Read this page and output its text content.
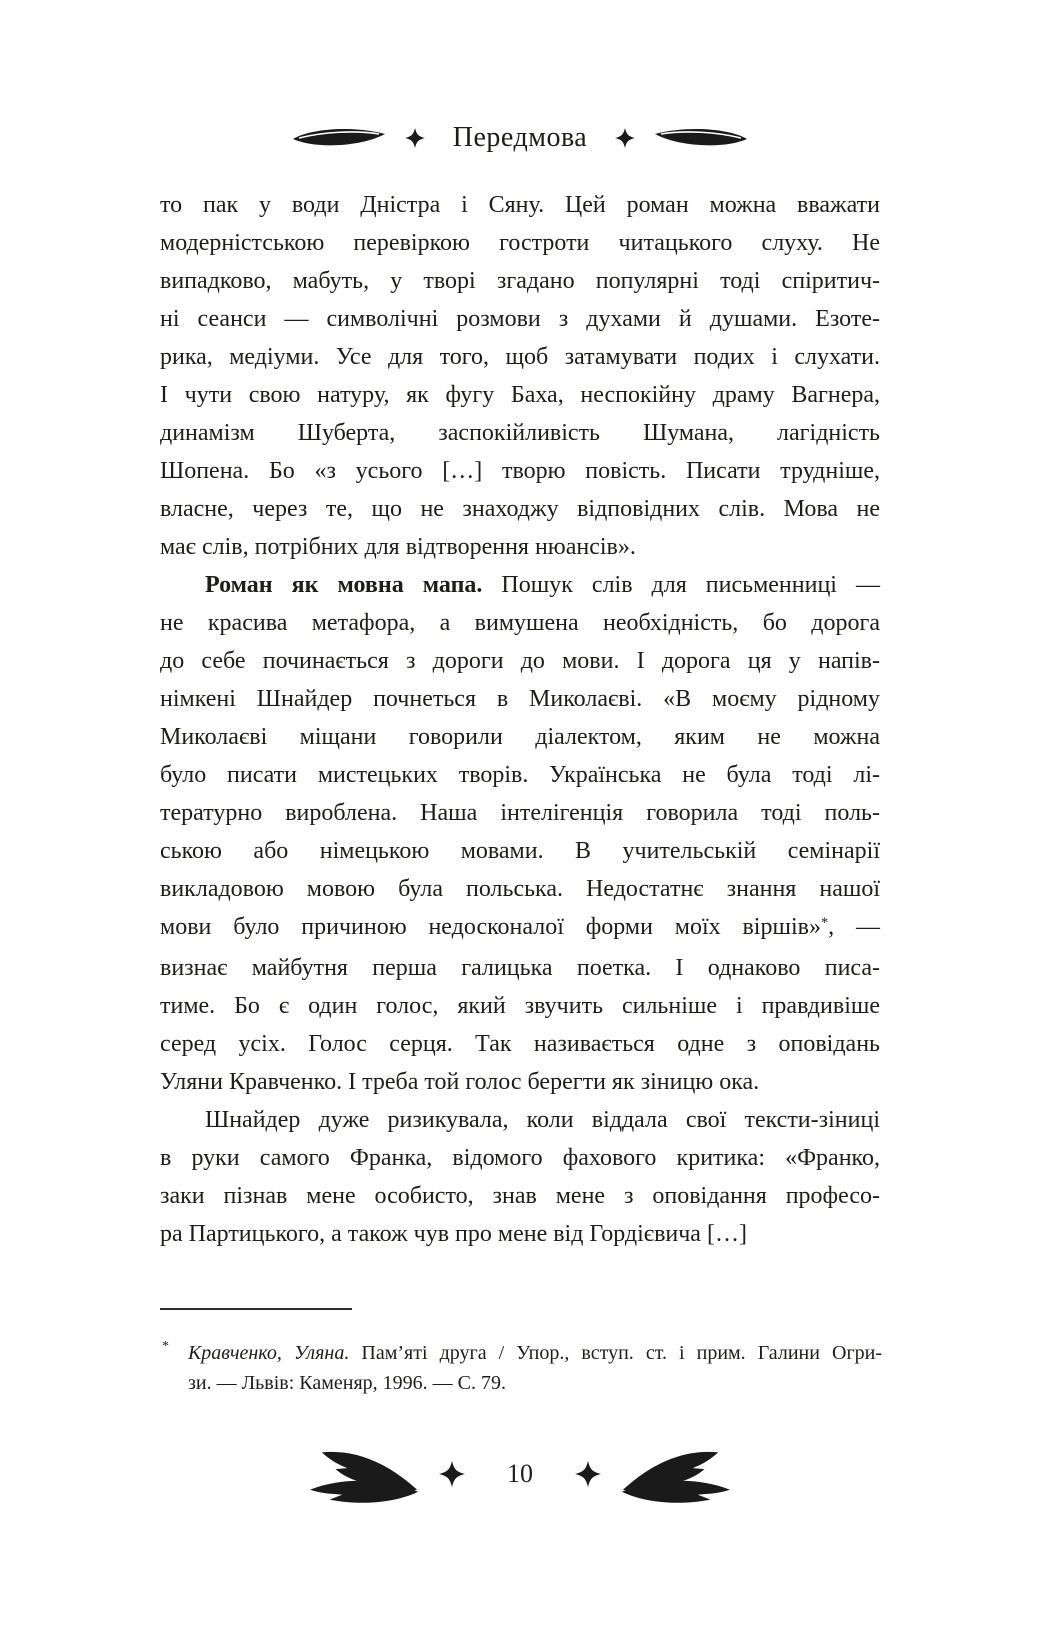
Передмова
то пак у води Дністра і Сяну. Цей роман можна вважати
модерністською перевіркою гостроти читацького слуху. Не
випадково, мабуть, у творі згадано популярні тоді спіритич-
ні сеанси — символічні розмови з духами й душами. Езоте-
рика, медіуми. Усе для того, щоб затамувати подих і слухати.
І чути свою натуру, як фугу Баха, неспокійну драму Вагнера,
динамізм Шуберта, заспокійливість Шумана, лагідність
Шопена. Бо «з усього […] творю повість. Писати трудніше,
власне, через те, що не знаходжу відповідних слів. Мова не
має слів, потрібних для відтворення нюансів».
Роман як мовна мапа. Пошук слів для письменниці —
не красива метафора, а вимушена необхідність, бо дорога
до себе починається з дороги до мови. І дорога ця у напів-
німкені Шнайдер почнеться в Миколаєві. «В моєму рідному
Миколаєві міщани говорили діалектом, яким не можна
було писати мистецьких творів. Українська не була тоді лі-
тературно вироблена. Наша інтелігенція говорила тоді поль-
ською або німецькою мовами. В учительській семінарії
викладовою мовою була польська. Недостатнє знання нашої
мови було причиною недосконалої форми моїх віршів»*, —
визнає майбутня перша галицька поетка. І однаково писа-
тиме. Бо є один голос, який звучить сильніше і правдивіше
серед усіх. Голос серця. Так називається одне з оповідань
Уляни Кравченко. І треба той голос берегти як зіницю ока.
Шнайдер дуже ризикувала, коли віддала свої тексти-зіниці
в руки самого Франка, відомого фахового критика: «Франко,
заки пізнав мене особисто, знав мене з оповідання професо-
ра Партицького, а також чув про мене від Гордієвича […]
* Кравченко, Уляна. Пам’яті друга / Упор., вступ. ст. і прим. Галини Огри-
зи. — Львів: Каменяр, 1996. — С. 79.
10
